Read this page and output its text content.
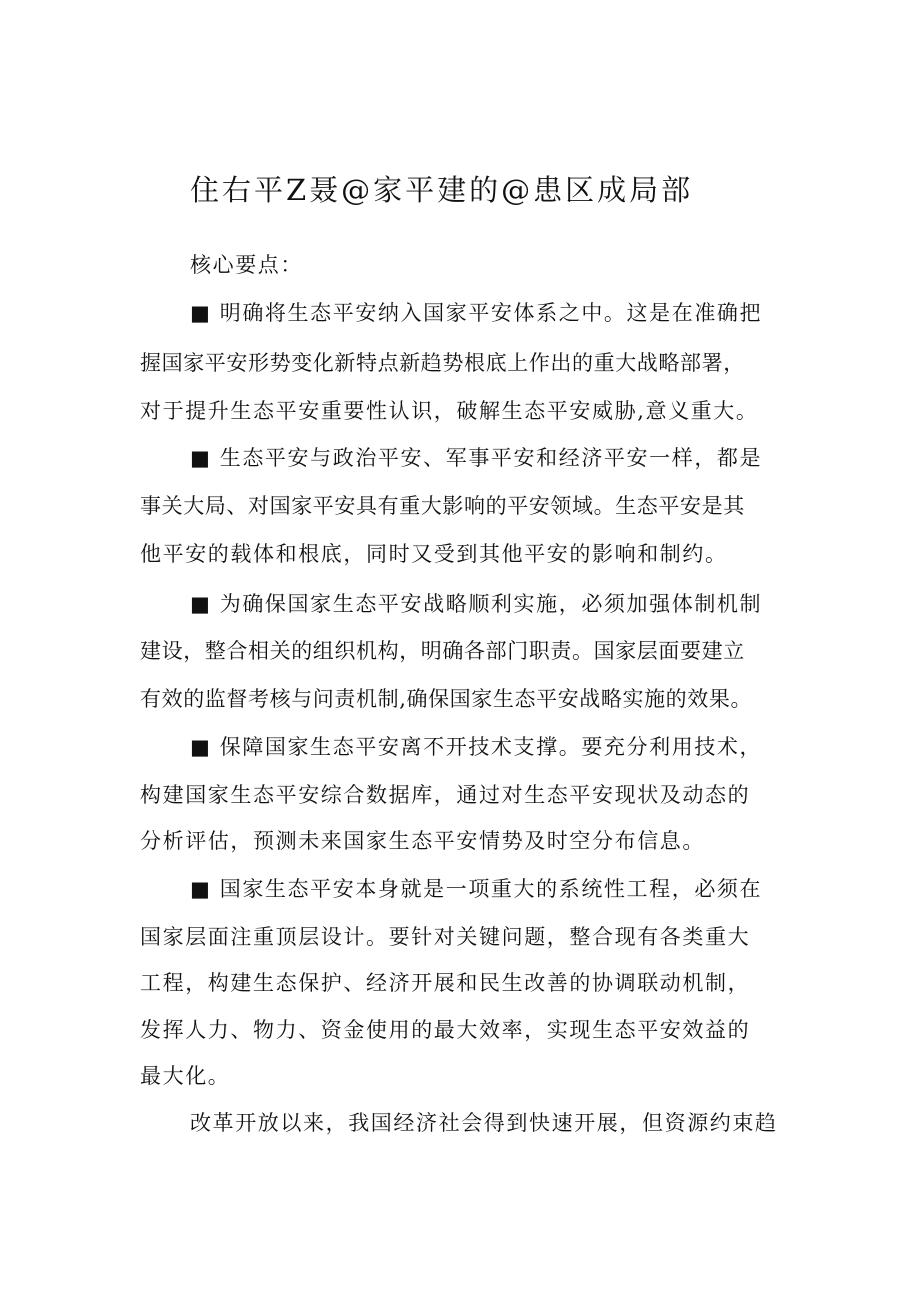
住右平Z聂@家平建的@患区成局部
核心要点：
■ 明确将生态平安纳入国家平安体系之中。这是在准确把
握国家平安形势变化新特点新趋势根底上作出的重大战略部署，
对于提升生态平安重要性认识，破解生态平安威胁,意义重大。
■ 生态平安与政治平安、军事平安和经济平安一样，都是
事关大局、对国家平安具有重大影响的平安领域。生态平安是其
他平安的载体和根底，同时又受到其他平安的影响和制约。
■ 为确保国家生态平安战略顺利实施，必须加强体制机制
建设，整合相关的组织机构，明确各部门职责。国家层面要建立
有效的监督考核与问责机制,确保国家生态平安战略实施的效果。
■ 保障国家生态平安离不开技术支撑。要充分利用技术，
构建国家生态平安综合数据库，通过对生态平安现状及动态的
分析评估，预测未来国家生态平安情势及时空分布信息。
■ 国家生态平安本身就是一项重大的系统性工程，必须在
国家层面注重顶层设计。要针对关键问题，整合现有各类重大
工程，构建生态保护、经济开展和民生改善的协调联动机制，
发挥人力、物力、资金使用的最大效率，实现生态平安效益的
最大化。
改革开放以来，我国经济社会得到快速开展，但资源约束趋
